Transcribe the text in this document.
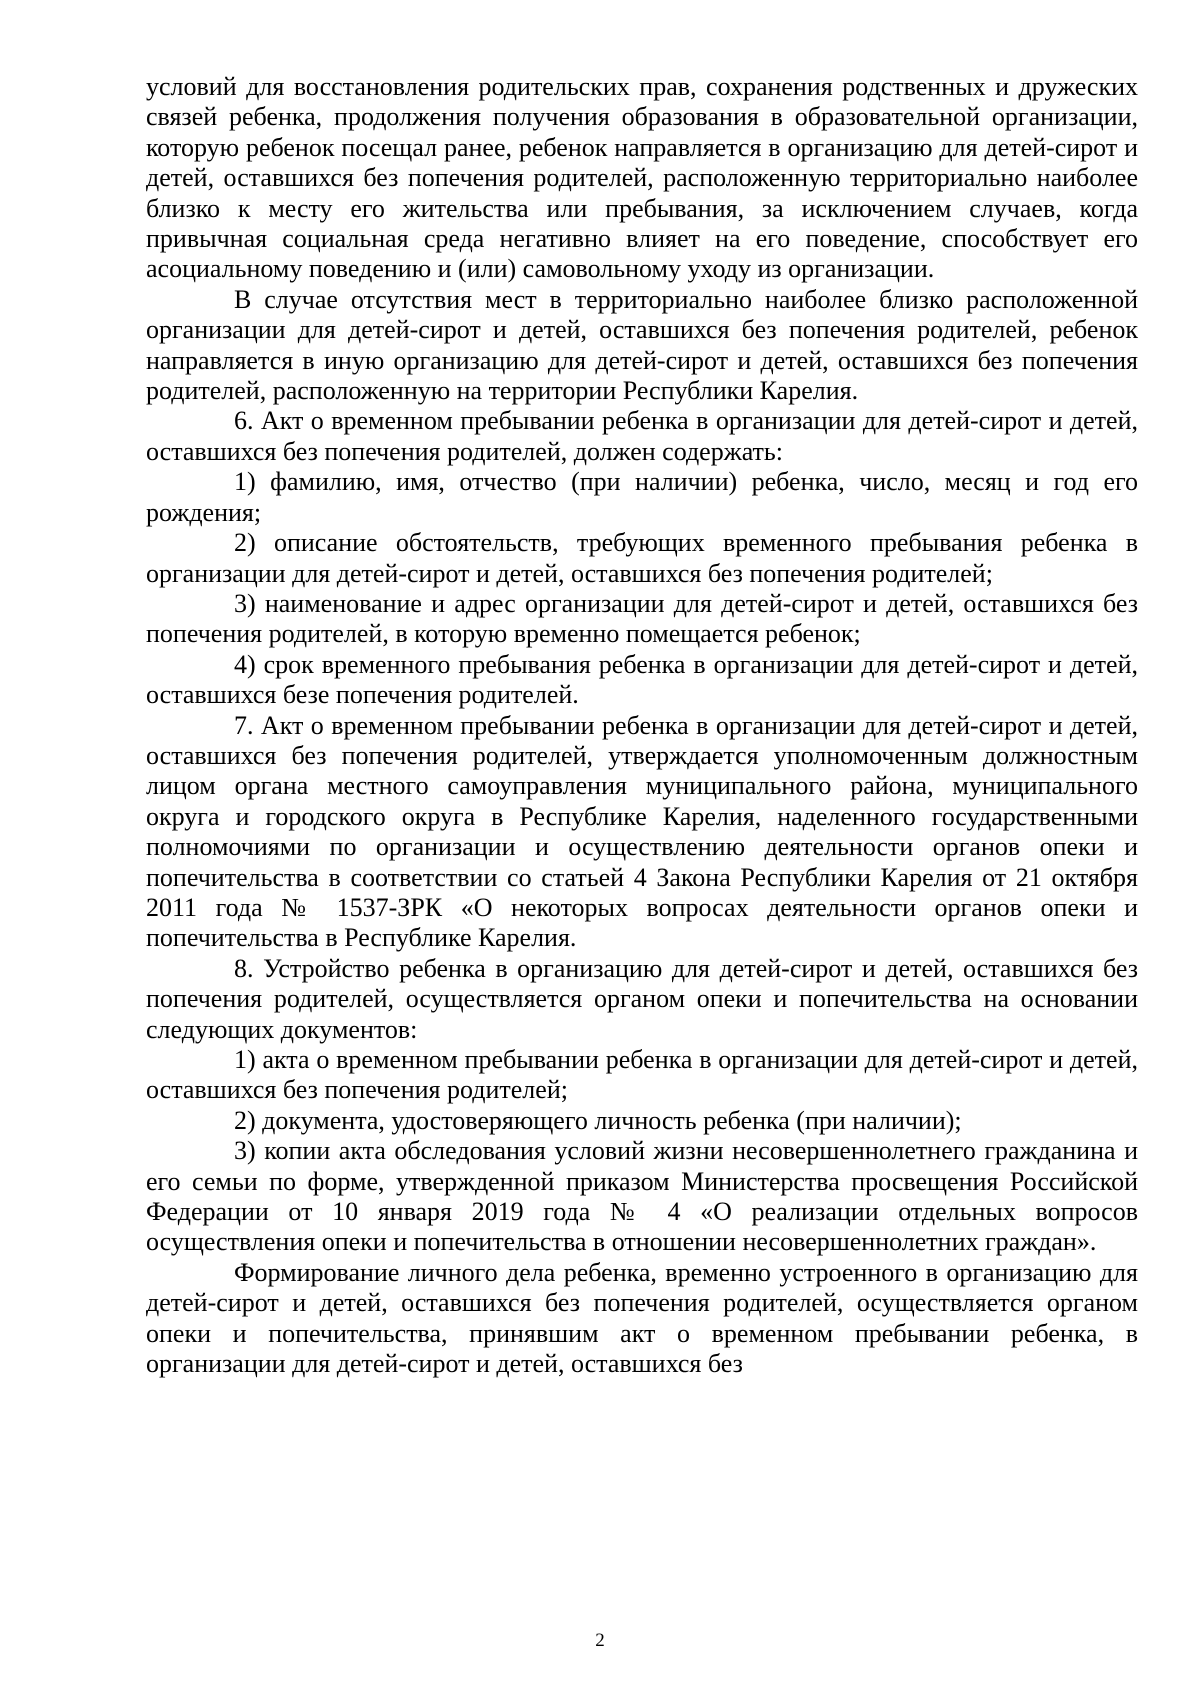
условий для восстановления родительских прав, сохранения родственных и дружеских связей ребенка, продолжения получения образования в образовательной организации, которую ребенок посещал ранее, ребенок направляется в организацию для детей-сирот и детей, оставшихся без попечения родителей, расположенную территориально наиболее близко к месту его жительства или пребывания, за исключением случаев, когда привычная социальная среда негативно влияет на его поведение, способствует его асоциальному поведению и (или) самовольному уходу из организации.

В случае отсутствия мест в территориально наиболее близко расположенной организации для детей-сирот и детей, оставшихся без попечения родителей, ребенок направляется в иную организацию для детей-сирот и детей, оставшихся без попечения родителей, расположенную на территории Республики Карелия.

6. Акт о временном пребывании ребенка в организации для детей-сирот и детей, оставшихся без попечения родителей, должен содержать:

1) фамилию, имя, отчество (при наличии) ребенка, число, месяц и год его рождения;

2) описание обстоятельств, требующих временного пребывания ребенка в организации для детей-сирот и детей, оставшихся без попечения родителей;

3) наименование и адрес организации для детей-сирот и детей, оставшихся без попечения родителей, в которую временно помещается ребенок;

4) срок временного пребывания ребенка в организации для детей-сирот и детей, оставшихся безе попечения родителей.

7. Акт о временном пребывании ребенка в организации для детей-сирот и детей, оставшихся без попечения родителей, утверждается уполномоченным должностным лицом органа местного самоуправления муниципального района, муниципального округа и городского округа в Республике Карелия, наделенного государственными полномочиями по организации и осуществлению деятельности органов опеки и попечительства в соответствии со статьей 4 Закона Республики Карелия от 21 октября 2011 года № 1537-ЗРК «О некоторых вопросах деятельности органов опеки и попечительства в Республике Карелия.

8. Устройство ребенка в организацию для детей-сирот и детей, оставшихся без попечения родителей, осуществляется органом опеки и попечительства на основании следующих документов:

1) акта о временном пребывании ребенка в организации для детей-сирот и детей, оставшихся без попечения родителей;

2) документа, удостоверяющего личность ребенка (при наличии);

3) копии акта обследования условий жизни несовершеннолетнего гражданина и его семьи по форме, утвержденной приказом Министерства просвещения Российской Федерации от 10 января 2019 года № 4 «О реализации отдельных вопросов осуществления опеки и попечительства в отношении несовершеннолетних граждан».

Формирование личного дела ребенка, временно устроенного в организацию для детей-сирот и детей, оставшихся без попечения родителей, осуществляется органом опеки и попечительства, принявшим акт о временном пребывании ребенка, в организации для детей-сирот и детей, оставшихся без

2
